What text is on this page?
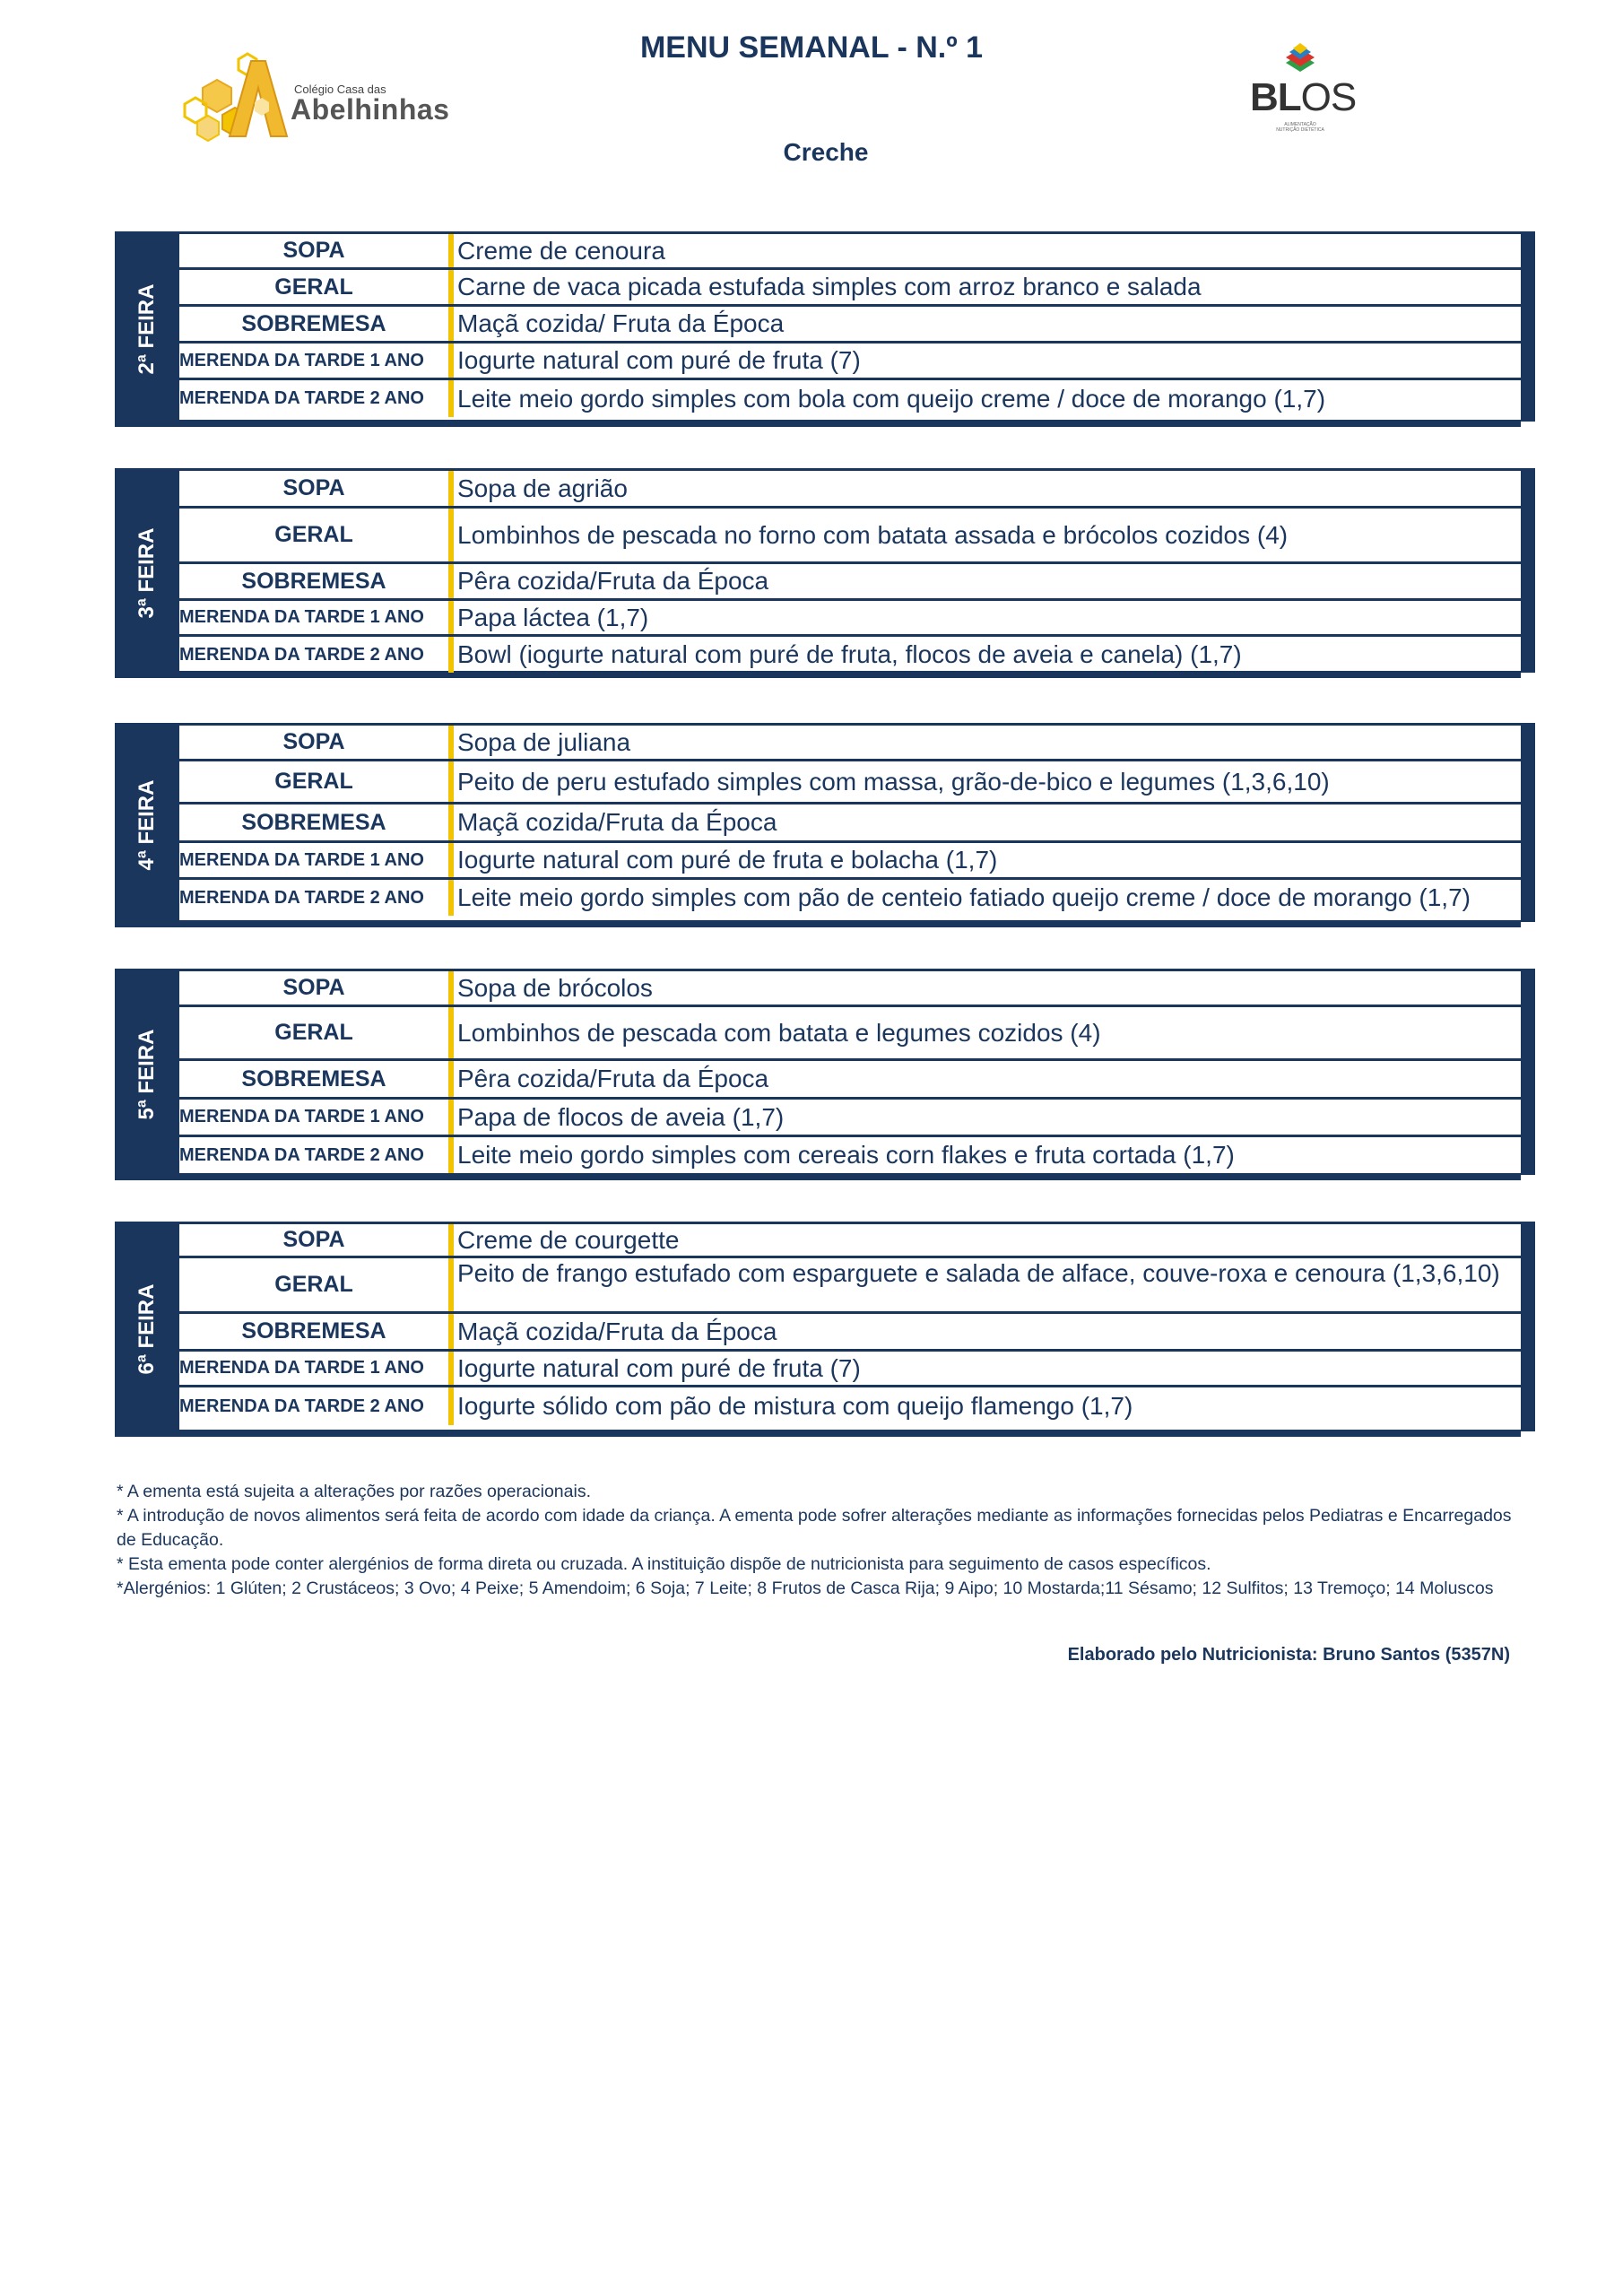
MENU SEMANAL - N.º 1
Creche
Colégio Casa das
Abelhinhas	BLOS
ALIMENTAÇÃO NUTRIÇÃO DIETÉTICA
2ª FEIRA
SOPA	Creme de cenoura
GERAL	Carne de vaca picada estufada simples com arroz branco e salada
SOBREMESA	Maçã cozida/ Fruta da Época
MERENDA DA TARDE 1 ANO	Iogurte natural com puré de fruta (7)
MERENDA DA TARDE 2 ANO	Leite meio gordo simples com bola com queijo creme / doce de morango (1,7)
3ª FEIRA
SOPA	Sopa de agrião
GERAL	Lombinhos de pescada no forno com batata assada e brócolos cozidos (4)
SOBREMESA	Pêra cozida/Fruta da Época
MERENDA DA TARDE 1 ANO	Papa láctea (1,7)
MERENDA DA TARDE 2 ANO	Bowl (iogurte natural com puré de fruta, flocos de aveia e canela) (1,7)
4ª FEIRA
SOPA	Sopa de juliana
GERAL	Peito de peru estufado simples com massa, grão-de-bico e legumes (1,3,6,10)
SOBREMESA	Maçã cozida/Fruta da Época
MERENDA DA TARDE 1 ANO	Iogurte natural com puré de fruta e bolacha (1,7)
MERENDA DA TARDE 2 ANO	Leite meio gordo simples com pão de centeio fatiado queijo creme / doce de morango (1,7)
5ª FEIRA
SOPA	Sopa de brócolos
GERAL	Lombinhos de pescada com batata e legumes cozidos (4)
SOBREMESA	Pêra cozida/Fruta da Época
MERENDA DA TARDE 1 ANO	Papa de flocos de aveia (1,7)
MERENDA DA TARDE 2 ANO	Leite meio gordo simples com cereais corn flakes e fruta cortada (1,7)
6ª FEIRA
SOPA	Creme de courgette
GERAL	Peito de frango estufado com esparguete e salada de alface, couve-roxa e cenoura (1,3,6,10)
SOBREMESA	Maçã cozida/Fruta da Época
MERENDA DA TARDE 1 ANO	Iogurte natural com puré de fruta (7)
MERENDA DA TARDE 2 ANO	Iogurte sólido com pão de mistura com queijo flamengo (1,7)

* A ementa está sujeita a alterações por razões operacionais.

* A introdução de novos alimentos será feita de acordo com idade da criança. A ementa pode sofrer alterações mediante as informações fornecidas pelos Pediatras e Encarregados de Educação.

* Esta ementa pode conter alergénios de forma direta ou cruzada. A instituição dispõe de nutricionista para seguimento de casos específicos.

*Alergénios: 1 Glúten; 2 Crustáceos; 3 Ovo; 4 Peixe; 5 Amendoim; 6 Soja; 7 Leite; 8 Frutos de Casca Rija; 9 Aipo; 10 Mostarda;11 Sésamo; 12 Sulfitos; 13 Tremoço; 14 Moluscos

Elaborado pelo Nutricionista: Bruno Santos (5357N)
